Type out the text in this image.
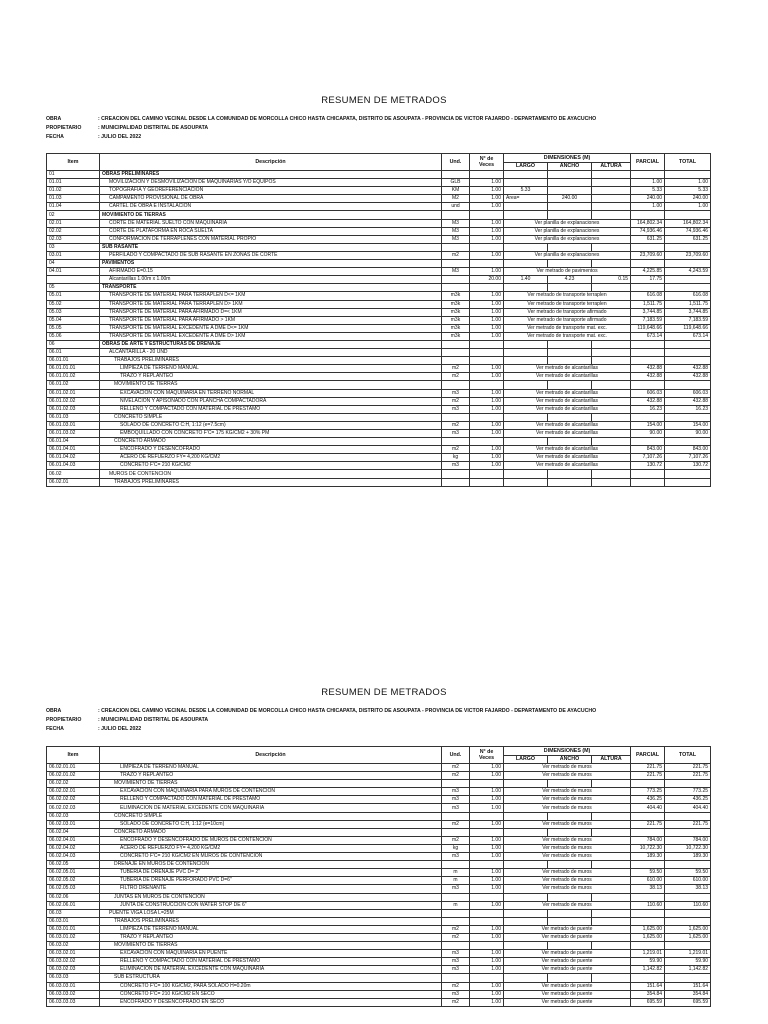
RESUMEN DE METRADOS
OBRA	: CREACION DEL CAMINO VECINAL DESDE LA COMUNIDAD DE MORCOLLA CHICO HASTA CHICAPATA, DISTRITO DE ASOUPATA - PROVINCIA DE VICTOR FAJARDO - DEPARTAMENTO DE AYACUCHO
PROPIETARIO	: MUNICIPALIDAD DISTRITAL DE ASOUPATA
FECHA	: JULIO DEL 2022
Item	Descripción	Und.	N° de Veces	DIMENSIONES (M)			PARCIAL	TOTAL
				LARGO	ANCHO	ALTURA		
01	OBRAS PRELIMINARES							
01.01	MOVILIZACION Y DESMOVILIZACION DE MAQUINARIAS Y/O EQUIPOS	GLB	1.00				1.00	1.00
01.02	TOPOGRAFIA Y GEOREFERENCIACION	KM	1.00	5.33			5.33	5.33
01.03	CAMPAMENTO PROVISIONAL DE OBRA	M2	1.00	Area=	240.00		240.00	240.00
01.04	CARTEL DE OBRA E INSTALACION	und	1.00				1.00	1.00
02	MOVIMIENTO DE TIERRAS							
02.01	CORTE DE MATERIAL SUELTO CON MAQUINARIA	M3	1.00	Ver planilla de explanaciones			164,802.34	164,802.34
02.02	CORTE DE PLATAFORMA EN ROCA SUELTA	M3	1.00	Ver planilla de explanaciones			74,936.46	74,936.46
02.03	CONFORMACION DE TERRAPLENES CON MATERIAL PROPIO	M3	1.00	Ver planilla de explanaciones			631.25	631.25
03	SUB RASANTE							
03.01	PERFILADO Y COMPACTADO DE SUB RASANTE EN ZONAS DE CORTE	m2	1.00	Ver planilla de explanaciones			23,709.60	23,709.60
04	PAVIMENTOS							
04.01	AFIRMADO E=0.15	M3	1.00	Ver metrado de pavimentos			4,225.85	4,243.59
	Alcantarillas 1.00m x 1.00m		20.00	1.40	4.23	0.15	17.75	
05	TRANSPORTE							
05.01	TRANSPORTE DE MATERIAL PARA TERRAPLEN D<= 1KM	m3k	1.00	Ver metrado de transporte terraplen			616.08	616.08
05.02	TRANSPORTE DE MATERIAL PARA TERRAPLEN D> 1KM	m3k	1.00	Ver metrado de transporte terraplen			1,511.75	1,511.75
05.03	TRANSPORTE DE MATERIAL PARA AFIRMADO D=< 1KM	m3k	1.00	Ver metrado de transporte afirmado			3,744.85	3,744.85
05.04	TRANSPORTE DE MATERIAL PARA AFIRMADO > 1KM	m3k	1.00	Ver metrado de transporte afirmado			7,183.59	7,183.59
05.05	TRANSPORTE DE MATERIAL EXCEDENTE A DME D<= 1KM	m3k	1.00	Ver metrado de transporte mat. exc.			119,648.66	119,648.66
05.06	TRANSPORTE DE MATERIAL EXCEDENTE A DME D> 1KM	m3k	1.00	Ver metrado de transporte mat. exc.			673.14	673.14
06	OBRAS DE ARTE Y ESTRUCTURAS DE DRENAJE							
06.01	ALCANTARILLA - 20 UND							
06.01.01	TRABAJOS PRELIMINARES							
06.01.01.01	LIMPIEZA DE TERRENO MANUAL	m2	1.00	Ver metrado de alcantarillas			432.88	432.88
06.01.01.02	TRAZO Y REPLANTEO	m2	1.00	Ver metrado de alcantarillas			432.88	432.88
06.01.02	MOVIMIENTO DE TIERRAS							
06.01.02.01	EXCAVACION CON MAQUINARIA EN TERRENO NORMAL	m3	1.00	Ver metrado de alcantarillas			606.03	606.03
06.01.02.02	NIVELACION Y APISONADO CON PLANCHA COMPACTADORA	m2	1.00	Ver metrado de alcantarillas			432.88	432.88
06.01.02.03	RELLENO Y COMPACTADO CON MATERIAL DE PRESTAMO	m3	1.00	Ver metrado de alcantarillas			16.23	16.23
06.01.03	CONCRETO SIMPLE							
06.01.03.01	SOLADO DE CONCRETO C:H, 1:12 (e=7.5cm)	m2	1.00	Ver metrado de alcantarillas			154.00	154.00
06.01.03.02	EMBOQUILLADO CON CONCRETO F'C= 175 KG/CM2 + 30% PM	m3	1.00	Ver metrado de alcantarillas			90.00	90.00
06.01.04	CONCRETO ARMADO							
06.01.04.01	ENCOFRADO Y DESENCOFRADO	m2	1.00	Ver metrado de alcantarillas			843.00	843.00
06.01.04.02	ACERO DE REFUERZO FY= 4,200 KG/CM2	kg	1.00	Ver metrado de alcantarillas			7,107.26	7,107.26
06.01.04.03	CONCRETO F'C= 210 KG/CM2	m3	1.00	Ver metrado de alcantarillas			130.72	130.72
06.02	MUROS DE CONTENCION							
06.02.01	TRABAJOS PRELIMINARES							
RESUMEN DE METRADOS
OBRA	: CREACION DEL CAMINO VECINAL DESDE LA COMUNIDAD DE MORCOLLA CHICO HASTA CHICAPATA, DISTRITO DE ASOUPATA - PROVINCIA DE VICTOR FAJARDO - DEPARTAMENTO DE AYACUCHO
PROPIETARIO	: MUNICIPALIDAD DISTRITAL DE ASOUPATA
FECHA	: JULIO DEL 2022
Item	Descripción	Und.	N° de Veces	DIMENSIONES (M)			PARCIAL	TOTAL
				LARGO	ANCHO	ALTURA		
06.02.01.01	LIMPIEZA DE TERRENO MANUAL	m2	1.00	Ver metrado de muros			221.75	221.75
06.02.01.02	TRAZO Y REPLANTEO	m2	1.00	Ver metrado de muros			221.75	221.75
06.02.02	MOVIMIENTO DE TIERRAS							
06.02.02.01	EXCAVACION CON MAQUINARIA PARA MUROS DE CONTENCION	m3	1.00	Ver metrado de muros			773.25	773.25
06.02.02.02	RELLENO Y COMPACTADO CON MATERIAL DE PRESTAMO	m3	1.00	Ver metrado de muros			436.25	436.25
06.02.02.03	ELIMINACION DE MATERIAL EXCEDENTE CON MAQUINARIA	m3	1.00	Ver metrado de muros			404.40	404.40
06.02.03	CONCRETO SIMPLE							
06.02.03.01	SOLADO DE CONCRETO C:H, 1:12 (e=10cm)	m2	1.00	Ver metrado de muros			221.75	221.75
06.02.04	CONCRETO ARMADO							
06.02.04.01	ENCOFRADO Y DESENCOFRADO DE MUROS DE CONTENCION	m2	1.00	Ver metrado de muros			784.00	784.00
06.02.04.02	ACERO DE REFUERZO FY= 4,200 KG/CM2	kg	1.00	Ver metrado de muros			10,722.30	10,722.30
06.02.04.03	CONCRETO F'C= 210 KG/CM2 EN MUROS DE CONTENCION	m3	1.00	Ver metrado de muros			189.30	189.30
06.02.05	DRENAJE EN MUROS DE CONTENCION							
06.02.05.01	TUBERIA DE DRENAJE PVC D= 2"	m	1.00	Ver metrado de muros			59.50	59.50
06.02.05.02	TUBERIA DE DRENAJE PERFORADO PVC D=6"	m	1.00	Ver metrado de muros			610.00	610.00
06.02.05.03	FILTRO DRENANTE	m3	1.00	Ver metrado de muros			38.13	38.13
06.02.06	JUNTAS EN MUROS DE CONTENCION							
06.02.06.01	JUNTA DE CONSTRUCCION CON WATER STOP DE 6"	m	1.00	Ver metrado de muros			110.60	110.60
06.03	PUENTE VIGA LOSA L=25M							
06.03.01	TRABAJOS PRELIMINARES							
06.03.01.01	LIMPIEZA DE TERRENO MANUAL	m2	1.00	Ver metrado de puente			1,625.00	1,625.00
06.03.01.02	TRAZO Y REPLANTEO	m2	1.00	Ver metrado de puente			1,625.00	1,625.00
06.03.02	MOVIMIENTO DE TIERRAS							
06.03.02.01	EXCAVACION CON MAQUINARIA EN PUENTE	m3	1.00	Ver metrado de puente			1,219.01	1,219.01
06.03.02.02	RELLENO Y COMPACTADO CON MATERIAL DE PRESTAMO	m3	1.00	Ver metrado de puente			59.90	59.90
06.03.02.03	ELIMINACION DE MATERIAL EXCEDENTE CON MAQUINARIA	m3	1.00	Ver metrado de puente			1,142.82	1,142.82
06.03.03	SUB ESTRUCTURA							
06.03.03.01	CONCRETO F'C= 100 KG/CM2, PARA SOLADO H=0.20m	m2	1.00	Ver metrado de puente			151.64	151.64
06.03.03.02	CONCRETO F'C= 210 KG/CM2 EN SECO	m3	1.00	Ver metrado de puente			354.84	354.84
06.03.03.03	ENCOFRADO Y DESENCOFRADO EN SECO	m2	1.00	Ver metrado de puente			695.59	695.59
